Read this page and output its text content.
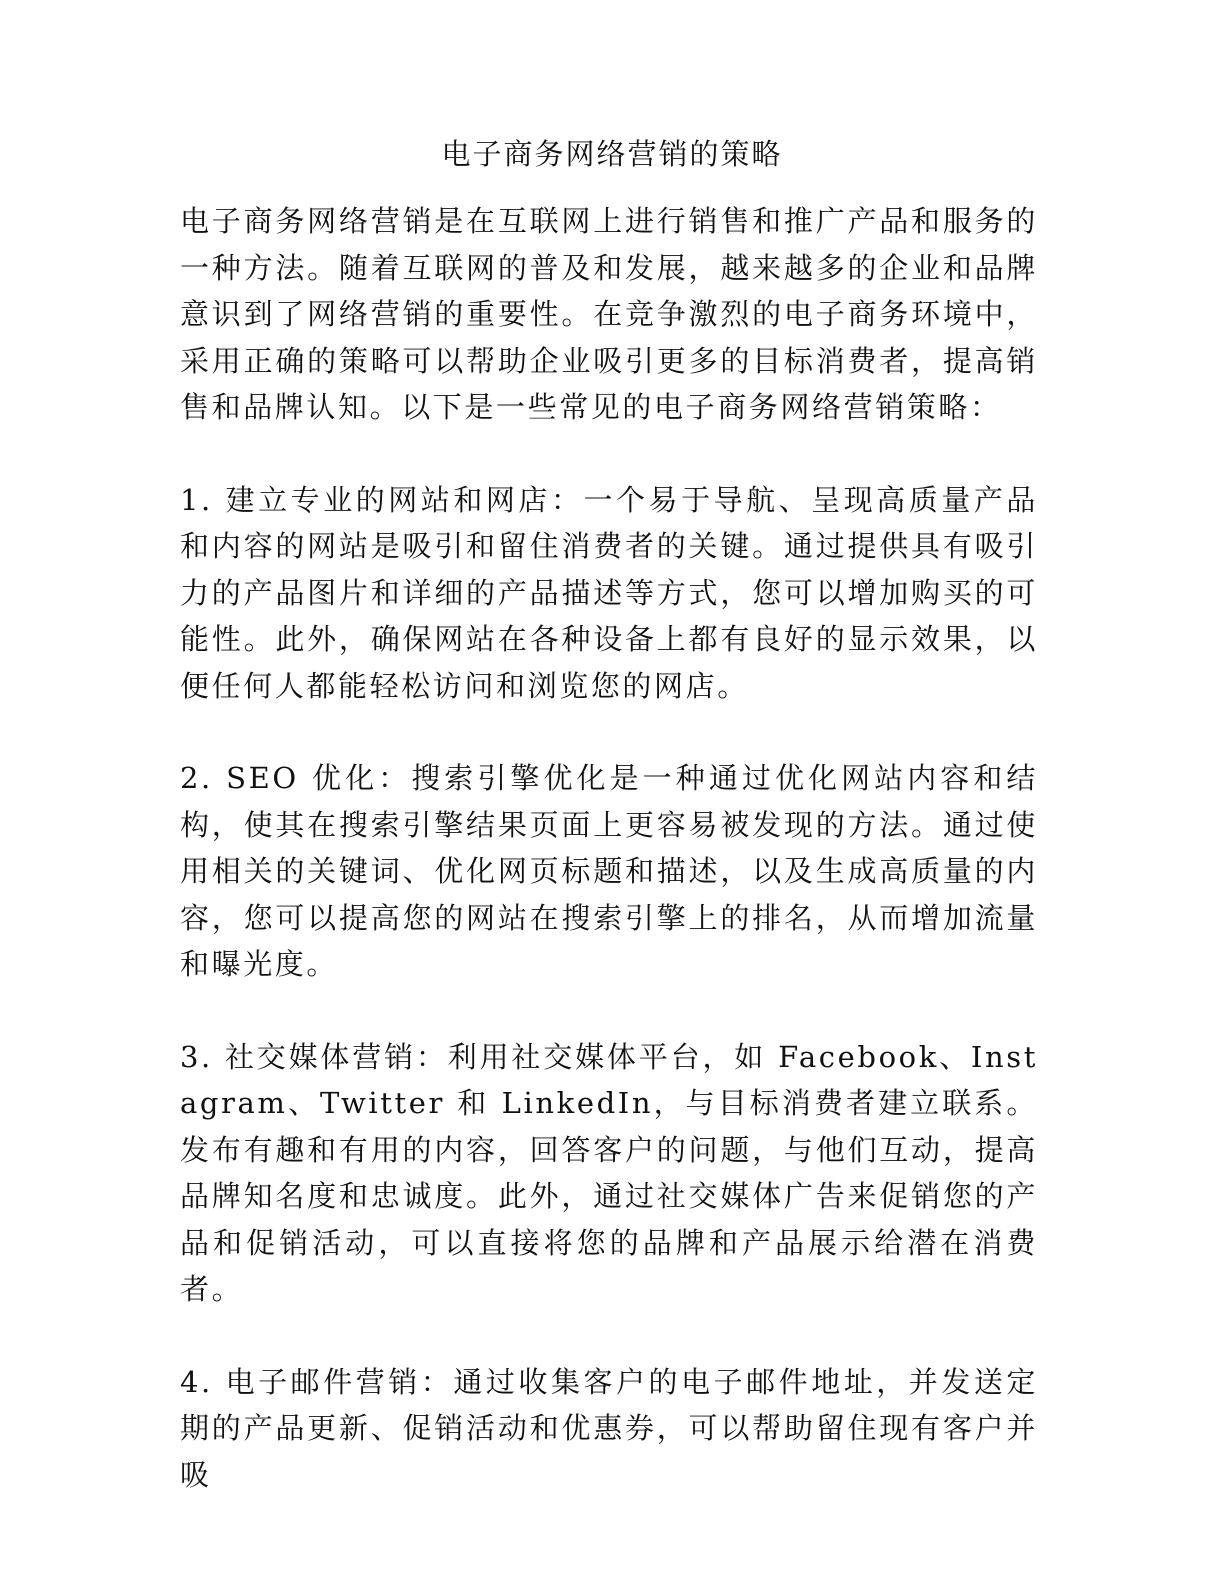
电子商务网络营销的策略

电子商务网络营销是在互联网上进行销售和推广产品和服务的一种方法。随着互联网的普及和发展，越来越多的企业和品牌意识到了网络营销的重要性。在竞争激烈的电子商务环境中，采用正确的策略可以帮助企业吸引更多的目标消费者，提高销售和品牌认知。以下是一些常见的电子商务网络营销策略：

1. 建立专业的网站和网店：一个易于导航、呈现高质量产品和内容的网站是吸引和留住消费者的关键。通过提供具有吸引力的产品图片和详细的产品描述等方式，您可以增加购买的可能性。此外，确保网站在各种设备上都有良好的显示效果，以便任何人都能轻松访问和浏览您的网店。

2. SEO 优化：搜索引擎优化是一种通过优化网站内容和结构，使其在搜索引擎结果页面上更容易被发现的方法。通过使用相关的关键词、优化网页标题和描述，以及生成高质量的内容，您可以提高您的网站在搜索引擎上的排名，从而增加流量和曝光度。

3. 社交媒体营销：利用社交媒体平台，如 Facebook、Instagram、Twitter 和 LinkedIn，与目标消费者建立联系。发布有趣和有用的内容，回答客户的问题，与他们互动，提高品牌知名度和忠诚度。此外，通过社交媒体广告来促销您的产品和促销活动，可以直接将您的品牌和产品展示给潜在消费者。

4. 电子邮件营销：通过收集客户的电子邮件地址，并发送定期的产品更新、促销活动和优惠券，可以帮助留住现有客户并吸
